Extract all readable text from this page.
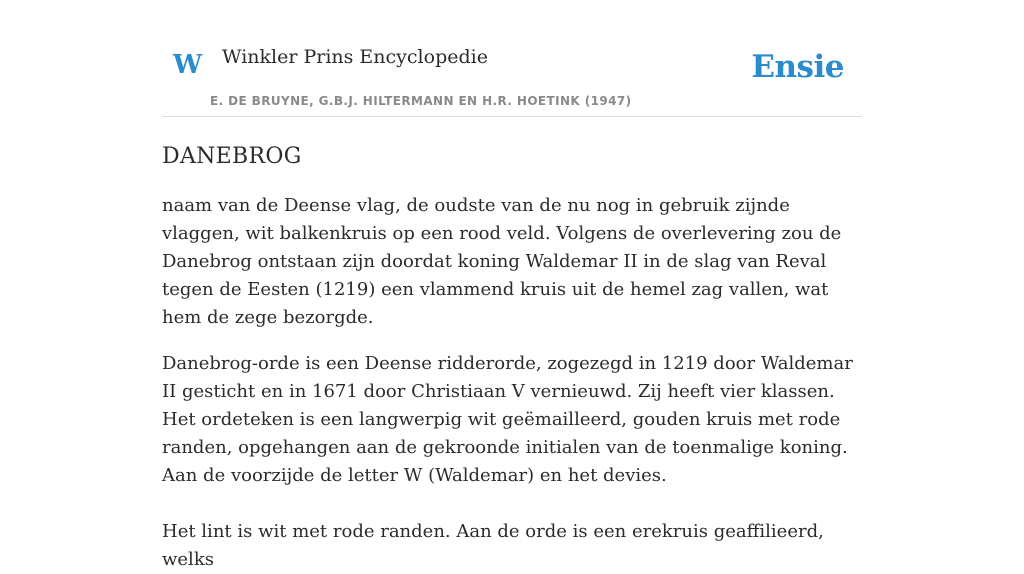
W Winkler Prins Encyclopedie
E. DE BRUYNE, G.B.J. HILTERMANN EN H.R. HOETINK (1947)
Ensie
DANEBROG

naam van de Deense vlag, de oudste van de nu nog in gebruik zijnde vlaggen, wit balkenkruis op een rood veld. Volgens de overlevering zou de Danebrog ontstaan zijn doordat koning Waldemar II in de slag van Reval tegen de Eesten (1219) een vlammend kruis uit de hemel zag vallen, wat hem de zege bezorgde.

Danebrog-orde is een Deense ridderorde, zogezegd in 1219 door Waldemar II gesticht en in 1671 door Christiaan V vernieuwd. Zij heeft vier klassen. Het ordeteken is een langwerpig wit geëmailleerd, gouden kruis met rode randen, opgehangen aan de gekroonde initialen van de toenmalige koning. Aan de voorzijde de letter W (Waldemar) en het devies.

Het lint is wit met rode randen. Aan de orde is een erekruis geaffilieerd, welks
